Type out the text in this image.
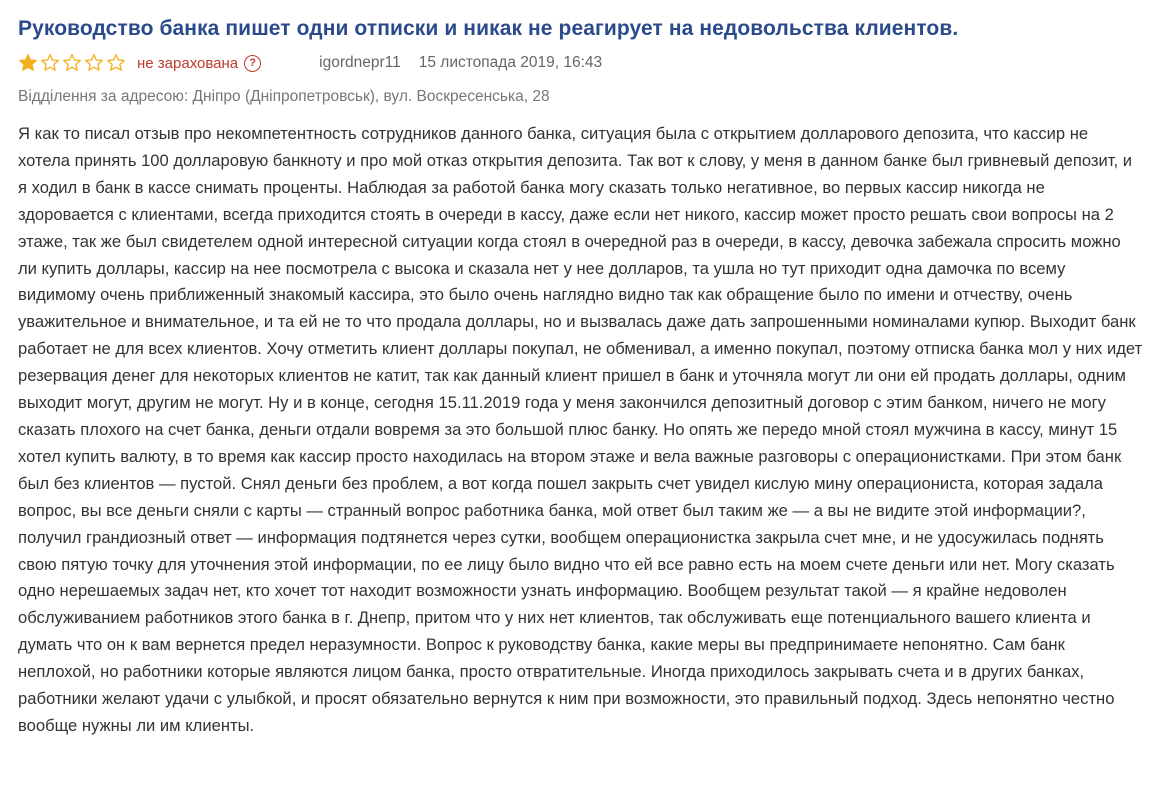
Руководство банка пишет одни отписки и никак не реагирует на недовольства клиентов.
не зарахована	?	igordnepr11 15 листопада 2019, 16:43
Відділення за адресою: Дніпро (Дніпропетровськ), вул. Воскресенська, 28
Я как то писал отзыв про некомпетентность сотрудников данного банка, ситуация была с открытием долларового депозита, что кассир не хотела принять 100 долларовую банкноту и про мой отказ открытия депозита. Так вот к слову, у меня в данном банке был гривневый депозит, и я ходил в банк в кассе снимать проценты. Наблюдая за работой банка могу сказать только негативное, во первых кассир никогда не здоровается с клиентами, всегда приходится стоять в очереди в кассу, даже если нет никого, кассир может просто решать свои вопросы на 2 этаже, так же был свидетелем одной интересной ситуации когда стоял в очередной раз в очереди, в кассу, девочка забежала спросить можно ли купить доллары, кассир на нее посмотрела с высока и сказала нет у нее долларов, та ушла но тут приходит одна дамочка по всему видимому очень приближенный знакомый кассира, это было очень наглядно видно так как обращение было по имени и отчеству, очень уважительное и внимательное, и та ей не то что продала доллары, но и вызвалась даже дать запрошенными номиналами купюр. Выходит банк работает не для всех клиентов. Хочу отметить клиент доллары покупал, не обменивал, а именно покупал, поэтому отписка банка мол у них идет резервация денег для некоторых клиентов не катит, так как данный клиент пришел в банк и уточняла могут ли они ей продать доллары, одним выходит могут, другим не могут. Ну и в конце, сегодня 15.11.2019 года у меня закончился депозитный договор с этим банком, ничего не могу сказать плохого на счет банка, деньги отдали вовремя за это большой плюс банку. Но опять же передо мной стоял мужчина в кассу, минут 15 хотел купить валюту, в то время как кассир просто находилась на втором этаже и вела важные разговоры с операционистками. При этом банк был без клиентов — пустой. Снял деньги без проблем, а вот когда пошел закрыть счет увидел кислую мину операциониста, которая задала вопрос, вы все деньги сняли с карты — странный вопрос работника банка, мой ответ был таким же — а вы не видите этой информации?, получил грандиозный ответ — информация подтянется через сутки, вообщем операционистка закрыла счет мне, и не удосужилась поднять свою пятую точку для уточнения этой информации, по ее лицу было видно что ей все равно есть на моем счете деньги или нет. Могу сказать одно нерешаемых задач нет, кто хочет тот находит возможности узнать информацию. Вообщем результат такой — я крайне недоволен обслуживанием работников этого банка в г. Днепр, притом что у них нет клиентов, так обслуживать еще потенциального вашего клиента и думать что он к вам вернется предел неразумности. Вопрос к руководству банка, какие меры вы предпринимаете непонятно. Сам банк неплохой, но работники которые являются лицом банка, просто отвратительные. Иногда приходилось закрывать счета и в других банках, работники желают удачи с улыбкой, и просят обязательно вернутся к ним при возможности, это правильный подход. Здесь непонятно честно вообще нужны ли им клиенты.
